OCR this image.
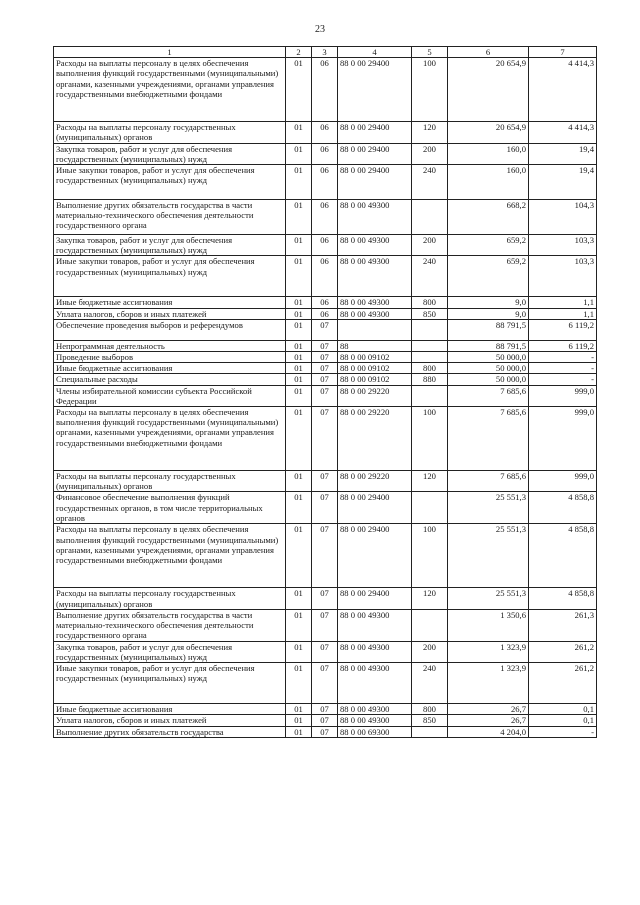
23
1	2	3	4	5	6	7
Расходы на выплаты персоналу в целях обеспечения выполнения функций государственными (муниципальными) органами, казенными учреждениями, органами управления государственными внебюджетными фондами	01	06	88 0 00 29400	100	20 654,9	4 414,3
Расходы на выплаты персоналу государственных (муниципальных) органов	01	06	88 0 00 29400	120	20 654,9	4 414,3
Закупка товаров, работ и услуг для обеспечения государственных (муниципальных) нужд	01	06	88 0 00 29400	200	160,0	19,4
Иные закупки товаров, работ и услуг для обеспечения государственных (муниципальных) нужд	01	06	88 0 00 29400	240	160,0	19,4
Выполнение других обязательств государства в части материально-технического обеспечения деятельности государственного органа	01	06	88 0 00 49300		668,2	104,3
Закупка товаров, работ и услуг для обеспечения государственных (муниципальных) нужд	01	06	88 0 00 49300	200	659,2	103,3
Иные закупки товаров, работ и услуг для обеспечения государственных (муниципальных) нужд	01	06	88 0 00 49300	240	659,2	103,3
Иные бюджетные ассигнования	01	06	88 0 00 49300	800	9,0	1,1
Уплата налогов, сборов и иных платежей	01	06	88 0 00 49300	850	9,0	1,1
Обеспечение проведения выборов и референдумов	01	07			88 791,5	6 119,2
Непрограммная деятельность	01	07	88		88 791,5	6 119,2
Проведение выборов	01	07	88 0 00 09102		50 000,0	-
Иные бюджетные ассигнования	01	07	88 0 00 09102	800	50 000,0	-
Специальные расходы	01	07	88 0 00 09102	880	50 000,0	-
Члены избирательной комиссии субъекта Российской Федерации	01	07	88 0 00 29220		7 685,6	999,0
Расходы на выплаты персоналу в целях обеспечения выполнения функций государственными (муниципальными) органами, казенными учреждениями, органами управления государственными внебюджетными фондами	01	07	88 0 00 29220	100	7 685,6	999,0
Расходы на выплаты персоналу государственных (муниципальных) органов	01	07	88 0 00 29220	120	7 685,6	999,0
Финансовое обеспечение выполнения функций государственных органов, в том числе территориальных органов	01	07	88 0 00 29400		25 551,3	4 858,8
Расходы на выплаты персоналу в целях обеспечения выполнения функций государственными (муниципальными) органами, казенными учреждениями, органами управления государственными внебюджетными фондами	01	07	88 0 00 29400	100	25 551,3	4 858,8
Расходы на выплаты персоналу государственных (муниципальных) органов	01	07	88 0 00 29400	120	25 551,3	4 858,8
Выполнение других обязательств государства в части материально-технического обеспечения деятельности государственного органа	01	07	88 0 00 49300		1 350,6	261,3
Закупка товаров, работ и услуг для обеспечения государственных (муниципальных) нужд	01	07	88 0 00 49300	200	1 323,9	261,2
Иные закупки товаров, работ и услуг для обеспечения государственных (муниципальных) нужд	01	07	88 0 00 49300	240	1 323,9	261,2
Иные бюджетные ассигнования	01	07	88 0 00 49300	800	26,7	0,1
Уплата налогов, сборов и иных платежей	01	07	88 0 00 49300	850	26,7	0,1
Выполнение других обязательств государства	01	07	88 0 00 69300		4 204,0	-
